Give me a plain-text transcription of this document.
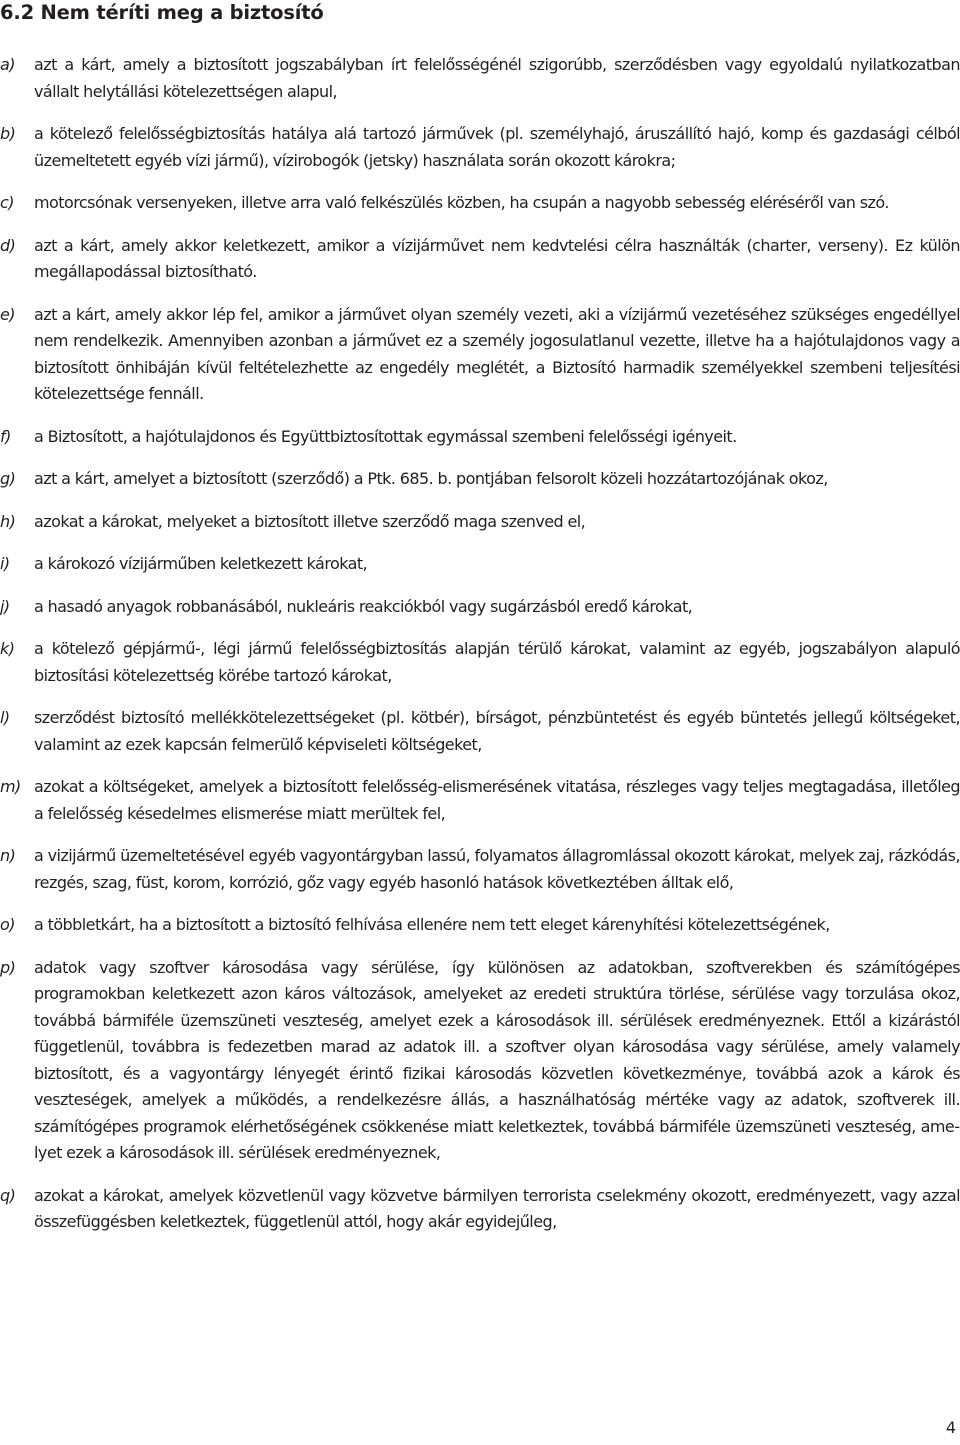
6.2 Nem téríti meg a biztosító
a) azt a kárt, amely a biztosított jogszabályban írt felelősségénél szigorúbb, szerződésben vagy egyoldalú nyilatkozatban vállalt helytállási kötelezettségen alapul,
b) a kötelező felelősségbiztosítás hatálya alá tartozó járművek (pl. személyhajó, áruszállító hajó, komp és gazdasági célból üzemeltetett egyéb vízi jármű), vízirobogók (jetsky) használata során okozott károkra;
c) motorcsónak versenyeken, illetve arra való felkészülés közben, ha csupán a nagyobb sebesség eléréséről van szó.
d) azt a kárt, amely akkor keletkezett, amikor a vízijárművet nem kedvtelési célra használták (charter, verseny). Ez külön megállapodással biztosítható.
e) azt a kárt, amely akkor lép fel, amikor a járművet olyan személy vezeti, aki a vízijármű vezetéséhez szükséges engedéllyel nem rendelkezik. Amennyiben azonban a járművet ez a személy jogosulatlanul vezette, illetve ha a hajótulajdonos vagy a biztosított önhibáján kívül feltételezhette az engedély meglétét, a Biztosító harmadik személyekkel szembeni teljesítési kötelezettsége fennáll.
f) a Biztosított, a hajótulajdonos és Együttbiztosítottak egymással szembeni felelősségi igényeit.
g) azt a kárt, amelyet a biztosított (szerződő) a Ptk. 685. b. pontjában felsorolt közeli hozzátartozójának okoz,
h) azokat a károkat, melyeket a biztosított illetve szerződő maga szenved el,
i) a károkozó vízijárműben keletkezett károkat,
j) a hasadó anyagok robbanásából, nukleáris reakciókból vagy sugárzásból eredő károkat,
k) a kötelező gépjármű-, légi jármű felelősségbiztosítás alapján térülő károkat, valamint az egyéb, jogszabályon alapuló biztosítási kötelezettség körébe tartozó károkat,
l) szerződést biztosító mellékkötelezettségeket (pl. kötbér), bírságot, pénzbüntetést és egyéb büntetés jellegű költségeket, valamint az ezek kapcsán felmerülő képviseleti költségeket,
m) azokat a költségeket, amelyek a biztosított felelősség-elismerésének vitatása, részleges vagy teljes megtagadása, illetőleg a felelősség késedelmes elismerése miatt merültek fel,
n) a vizijármű üzemeltetésével egyéb vagyontárgyban lassú, folyamatos állagromlással okozott károkat, melyek zaj, rázkódás, rezgés, szag, füst, korom, korrózió, gőz vagy egyéb hasonló hatások következtében álltak elő,
o) a többletkárt, ha a biztosított a biztosító felhívása ellenére nem tett eleget kárenyhítési kötelezettségének,
p) adatok vagy szoftver károsodása vagy sérülése, így különösen az adatokban, szoftverekben és számítógépes programokban keletkezett azon káros változások, amelyeket az eredeti struktúra törlése, sérülése vagy torzulása okoz, továbbá bármiféle üzemszüneti veszteség, amelyet ezek a károsodások ill. sérülések eredményeznek. Ettől a kizárástól függetlenül, továbbra is fedezetben marad az adatok ill. a szoftver olyan károsodása vagy sérülése, amely valamely biztosított, és a vagyontárgy lényegét érintő fizikai károsodás közvetlen következménye, továbbá azok a károk és veszteségek, amelyek a működés, a rendelkezésre állás, a használhatóság mértéke vagy az adatok, szoftverek ill. számítógépes programok elérhetőségének csökkenése miatt keletkeztek, továbbá bármiféle üzemszüneti veszteség, amelyet ezek a károsodások ill. sérülések eredményeznek,
q) azokat a károkat, amelyek közvetlenül vagy közvetve bármilyen terrorista cselekmény okozott, eredményezett, vagy azzal összefüggésben keletkeztek, függetlenül attól, hogy akár egyidejűleg,
4
